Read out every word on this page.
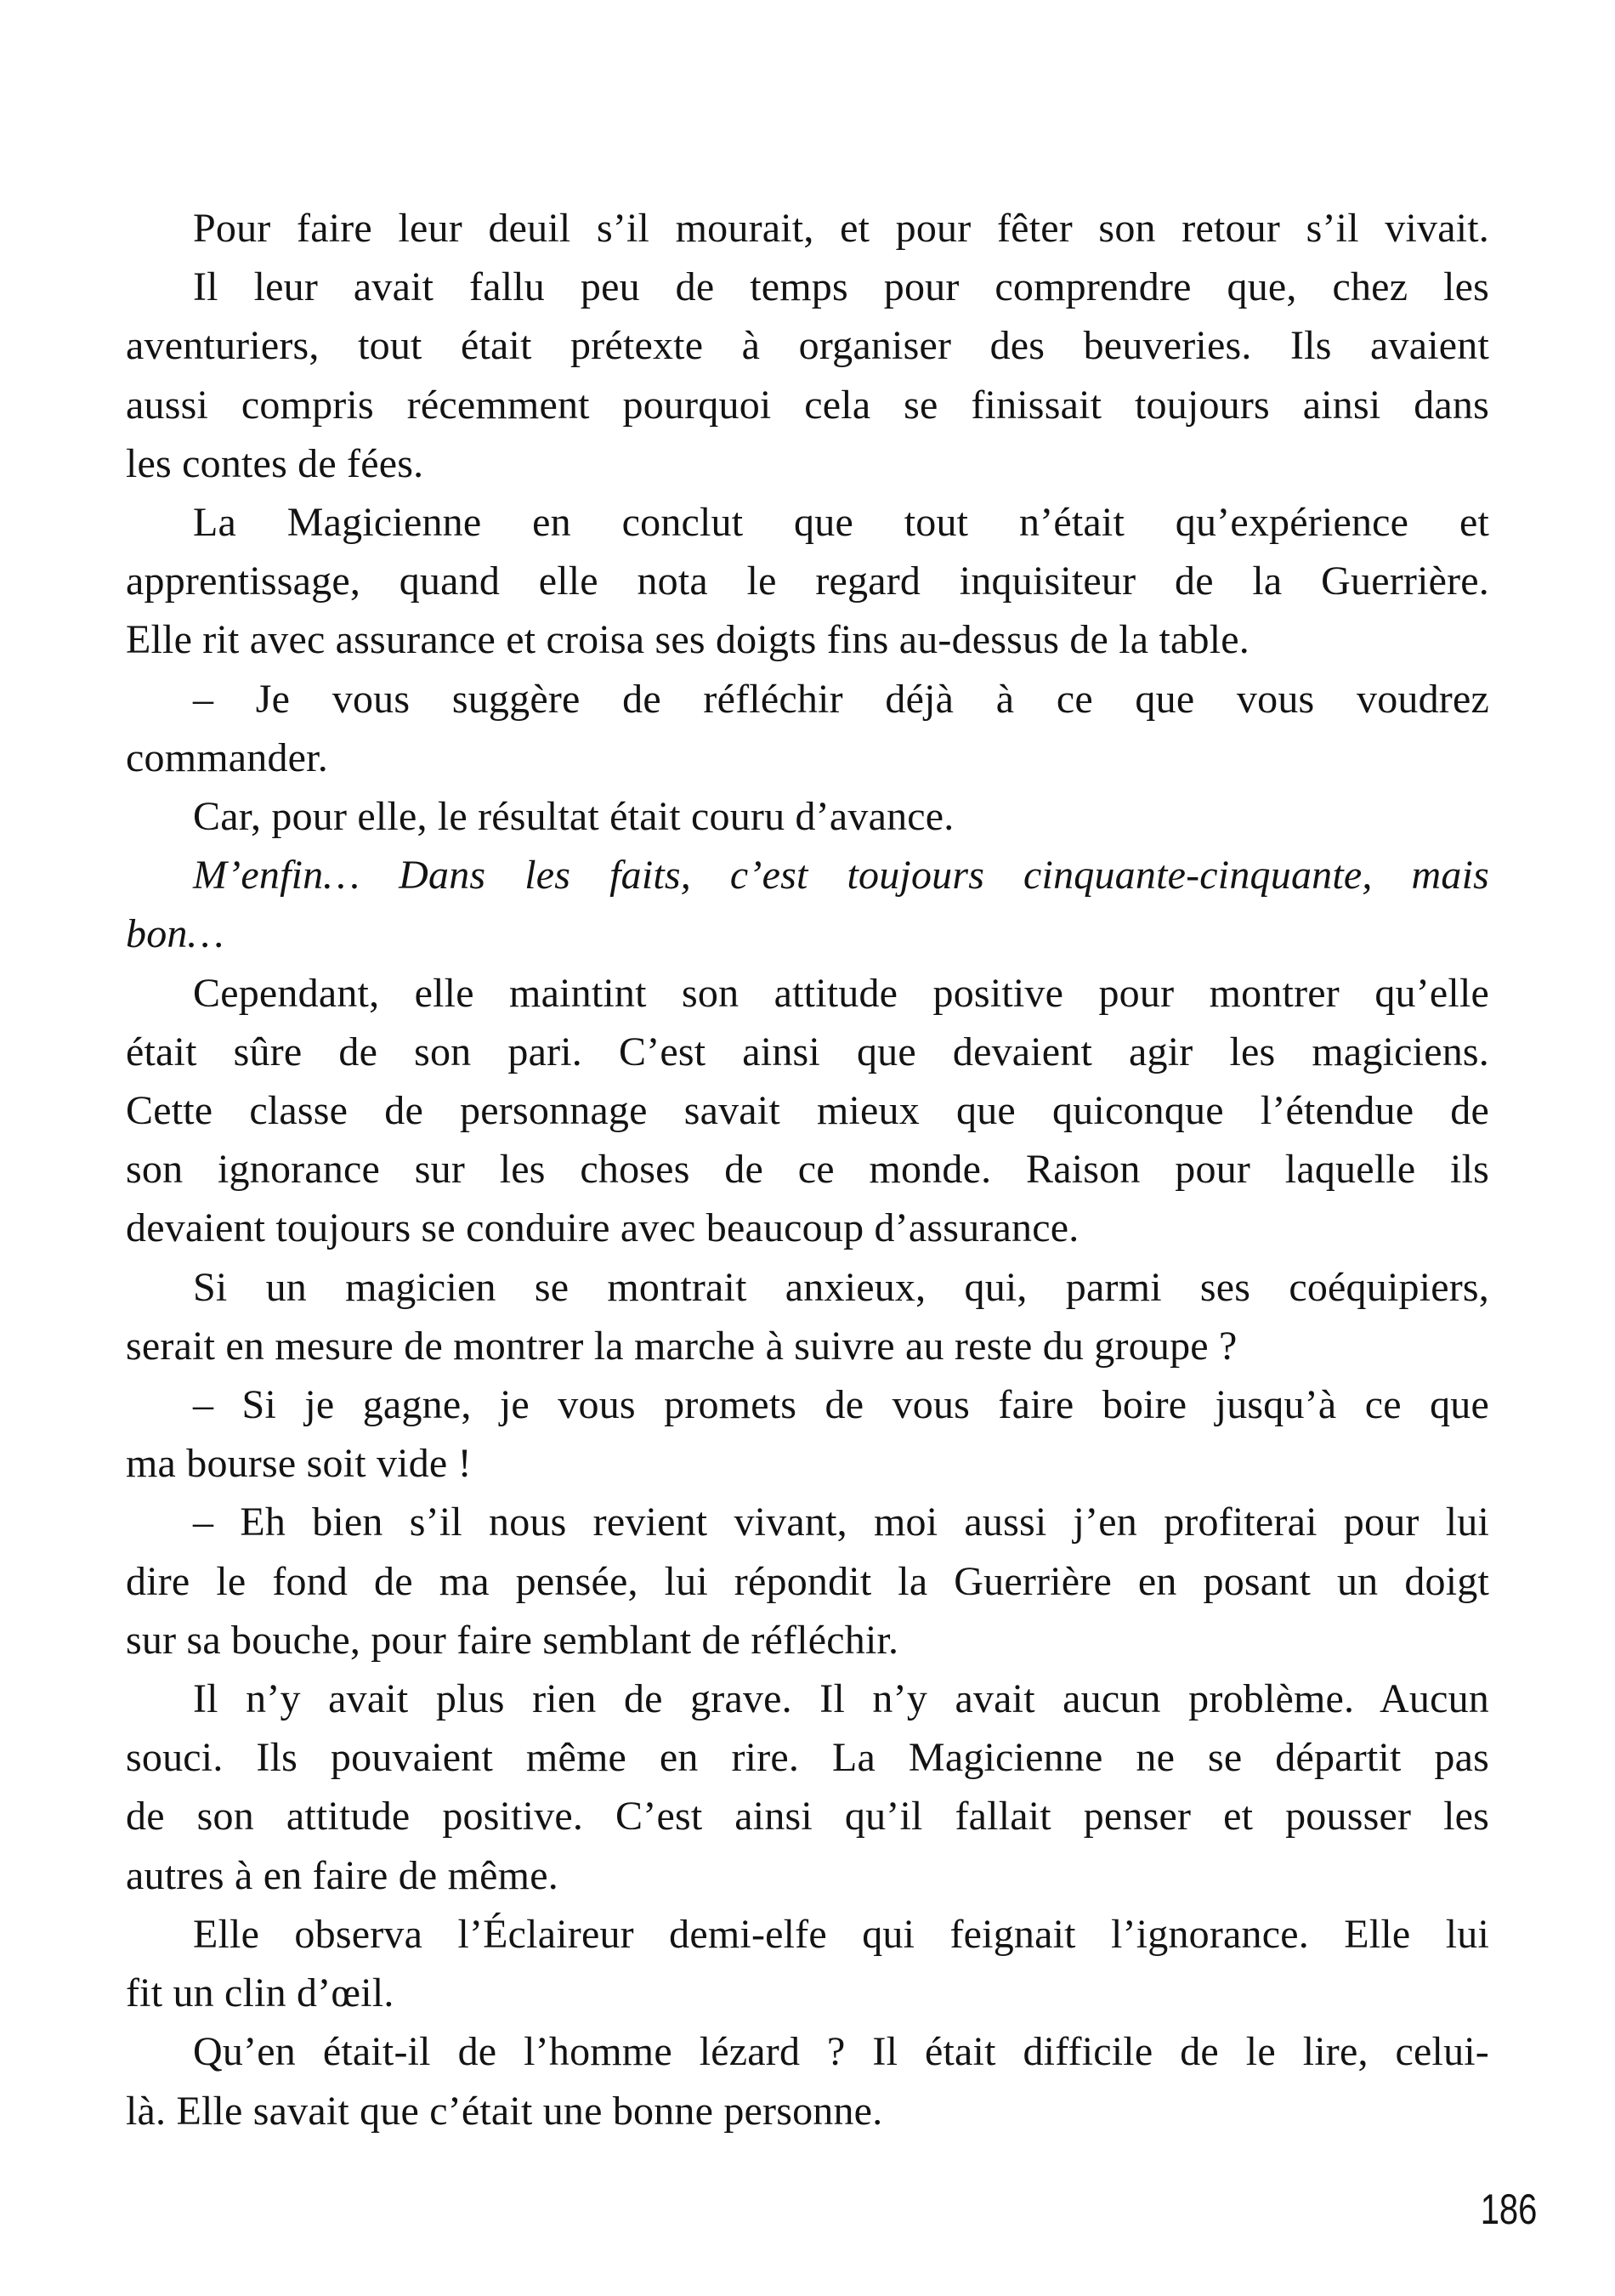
Pour faire leur deuil s’il mourait, et pour fêter son retour s’il vivait.

Il leur avait fallu peu de temps pour comprendre que, chez les
aventuriers, tout était prétexte à organiser des beuveries. Ils avaient
aussi compris récemment pourquoi cela se finissait toujours ainsi dans
les contes de fées.

La Magicienne en conclut que tout n’était qu’expérience et
apprentissage, quand elle nota le regard inquisiteur de la Guerrière.
Elle rit avec assurance et croisa ses doigts fins au-dessus de la table.

– Je vous suggère de réfléchir déjà à ce que vous voudrez
commander.

Car, pour elle, le résultat était couru d’avance.

M’enfin… Dans les faits, c’est toujours cinquante-cinquante, mais
bon…

Cependant, elle maintint son attitude positive pour montrer qu’elle
était sûre de son pari. C’est ainsi que devaient agir les magiciens.
Cette classe de personnage savait mieux que quiconque l’étendue de
son ignorance sur les choses de ce monde. Raison pour laquelle ils
devaient toujours se conduire avec beaucoup d’assurance.

Si un magicien se montrait anxieux, qui, parmi ses coéquipiers,
serait en mesure de montrer la marche à suivre au reste du groupe ?

– Si je gagne, je vous promets de vous faire boire jusqu’à ce que
ma bourse soit vide !

– Eh bien s’il nous revient vivant, moi aussi j’en profiterai pour lui
dire le fond de ma pensée, lui répondit la Guerrière en posant un doigt
sur sa bouche, pour faire semblant de réfléchir.

Il n’y avait plus rien de grave. Il n’y avait aucun problème. Aucun
souci. Ils pouvaient même en rire. La Magicienne ne se départit pas
de son attitude positive. C’est ainsi qu’il fallait penser et pousser les
autres à en faire de même.

Elle observa l’Éclaireur demi-elfe qui feignait l’ignorance. Elle lui
fit un clin d’œil.

Qu’en était-il de l’homme lézard ? Il était difficile de le lire, celui-
là. Elle savait que c’était une bonne personne.

186
